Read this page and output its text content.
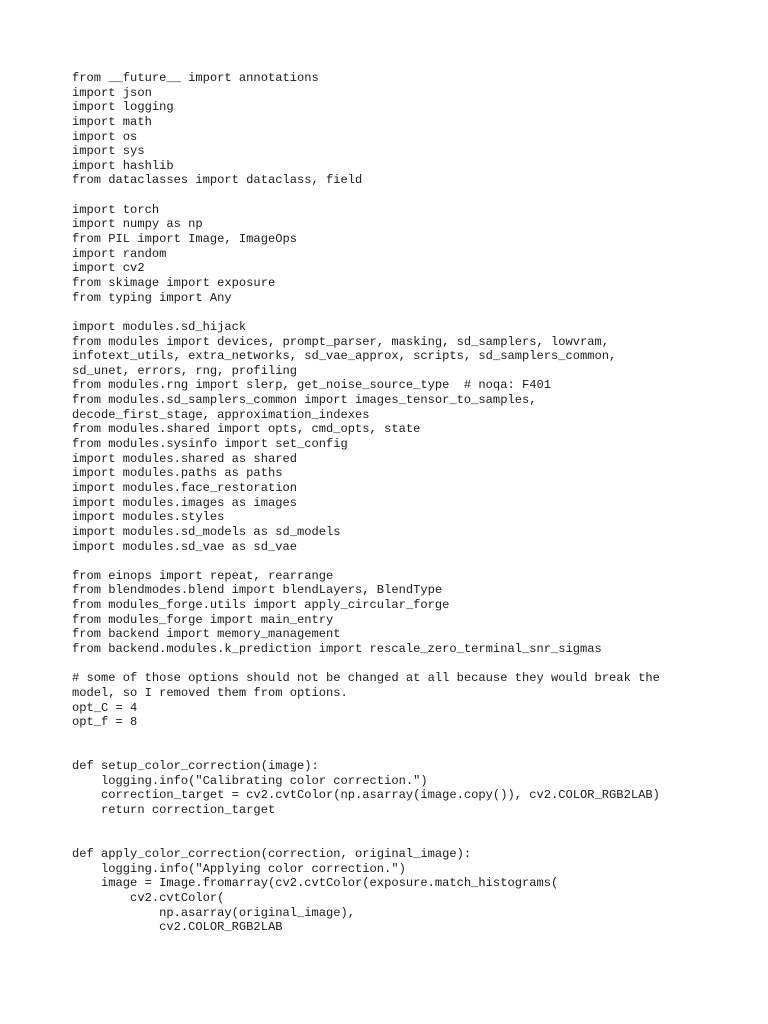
from __future__ import annotations
import json
import logging
import math
import os
import sys
import hashlib
from dataclasses import dataclass, field
import torch
import numpy as np
from PIL import Image, ImageOps
import random
import cv2
from skimage import exposure
from typing import Any
import modules.sd_hijack
from modules import devices, prompt_parser, masking, sd_samplers, lowvram,
infotext_utils, extra_networks, sd_vae_approx, scripts, sd_samplers_common,
sd_unet, errors, rng, profiling
from modules.rng import slerp, get_noise_source_type  # noqa: F401
from modules.sd_samplers_common import images_tensor_to_samples,
decode_first_stage, approximation_indexes
from modules.shared import opts, cmd_opts, state
from modules.sysinfo import set_config
import modules.shared as shared
import modules.paths as paths
import modules.face_restoration
import modules.images as images
import modules.styles
import modules.sd_models as sd_models
import modules.sd_vae as sd_vae
from einops import repeat, rearrange
from blendmodes.blend import blendLayers, BlendType
from modules_forge.utils import apply_circular_forge
from modules_forge import main_entry
from backend import memory_management
from backend.modules.k_prediction import rescale_zero_terminal_snr_sigmas
# some of those options should not be changed at all because they would break the
model, so I removed them from options.
opt_C = 4
opt_f = 8
def setup_color_correction(image):
logging.info("Calibrating color correction.")
correction_target = cv2.cvtColor(np.asarray(image.copy()), cv2.COLOR_RGB2LAB)
return correction_target
def apply_color_correction(correction, original_image):
logging.info("Applying color correction.")
image = Image.fromarray(cv2.cvtColor(exposure.match_histograms(
cv2.cvtColor(
np.asarray(original_image),
cv2.COLOR_RGB2LAB
